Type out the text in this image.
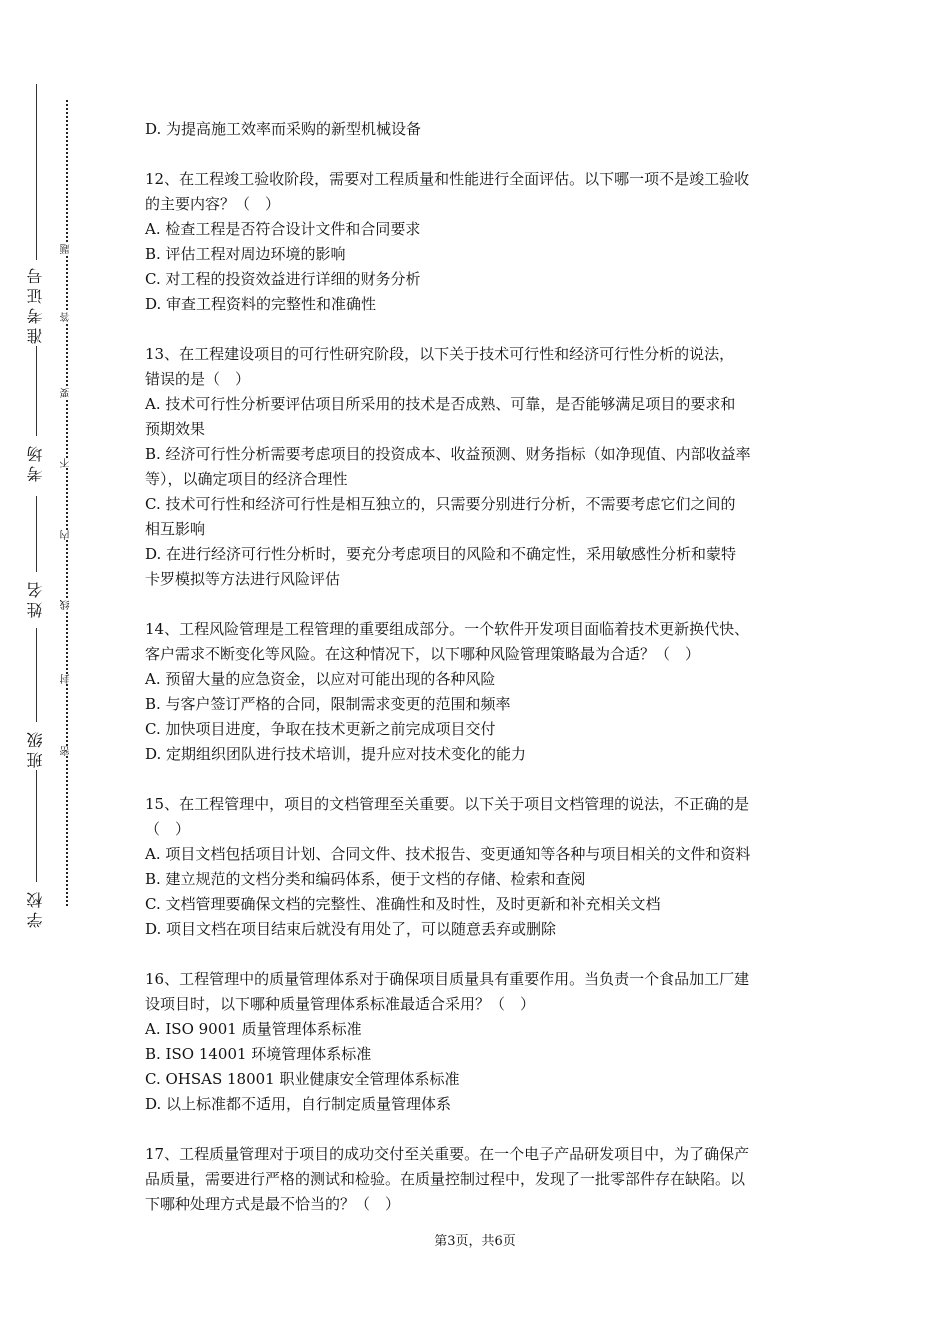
准考证号
考场
姓名
班级
学校
题
答
要
不
内
线
封
密

D. 为提高施工效率而采购的新型机械设备

12、在工程竣工验收阶段，需要对工程质量和性能进行全面评估。以下哪一项不是竣工验收

的主要内容？（　）

A. 检查工程是否符合设计文件和合同要求

B. 评估工程对周边环境的影响

C. 对工程的投资效益进行详细的财务分析

D. 审查工程资料的完整性和准确性

13、在工程建设项目的可行性研究阶段，以下关于技术可行性和经济可行性分析的说法，

错误的是（　）

A. 技术可行性分析要评估项目所采用的技术是否成熟、可靠，是否能够满足项目的要求和

预期效果

B. 经济可行性分析需要考虑项目的投资成本、收益预测、财务指标（如净现值、内部收益率

等），以确定项目的经济合理性

C. 技术可行性和经济可行性是相互独立的，只需要分别进行分析，不需要考虑它们之间的

相互影响

D. 在进行经济可行性分析时，要充分考虑项目的风险和不确定性，采用敏感性分析和蒙特

卡罗模拟等方法进行风险评估

14、工程风险管理是工程管理的重要组成部分。一个软件开发项目面临着技术更新换代快、

客户需求不断变化等风险。在这种情况下，以下哪种风险管理策略最为合适？（　）

A. 预留大量的应急资金，以应对可能出现的各种风险

B. 与客户签订严格的合同，限制需求变更的范围和频率

C. 加快项目进度，争取在技术更新之前完成项目交付

D. 定期组织团队进行技术培训，提升应对技术变化的能力

15、在工程管理中，项目的文档管理至关重要。以下关于项目文档管理的说法，不正确的是

（　）

A. 项目文档包括项目计划、合同文件、技术报告、变更通知等各种与项目相关的文件和资料

B. 建立规范的文档分类和编码体系，便于文档的存储、检索和查阅

C. 文档管理要确保文档的完整性、准确性和及时性，及时更新和补充相关文档

D. 项目文档在项目结束后就没有用处了，可以随意丢弃或删除

16、工程管理中的质量管理体系对于确保项目质量具有重要作用。当负责一个食品加工厂建

设项目时，以下哪种质量管理体系标准最适合采用？（　）

A. ISO 9001 质量管理体系标准

B. ISO 14001 环境管理体系标准

C. OHSAS 18001 职业健康安全管理体系标准

D. 以上标准都不适用，自行制定质量管理体系

17、工程质量管理对于项目的成功交付至关重要。在一个电子产品研发项目中，为了确保产

品质量，需要进行严格的测试和检验。在质量控制过程中，发现了一批零部件存在缺陷。以

下哪种处理方式是最不恰当的？（　）

第3页，共6页
